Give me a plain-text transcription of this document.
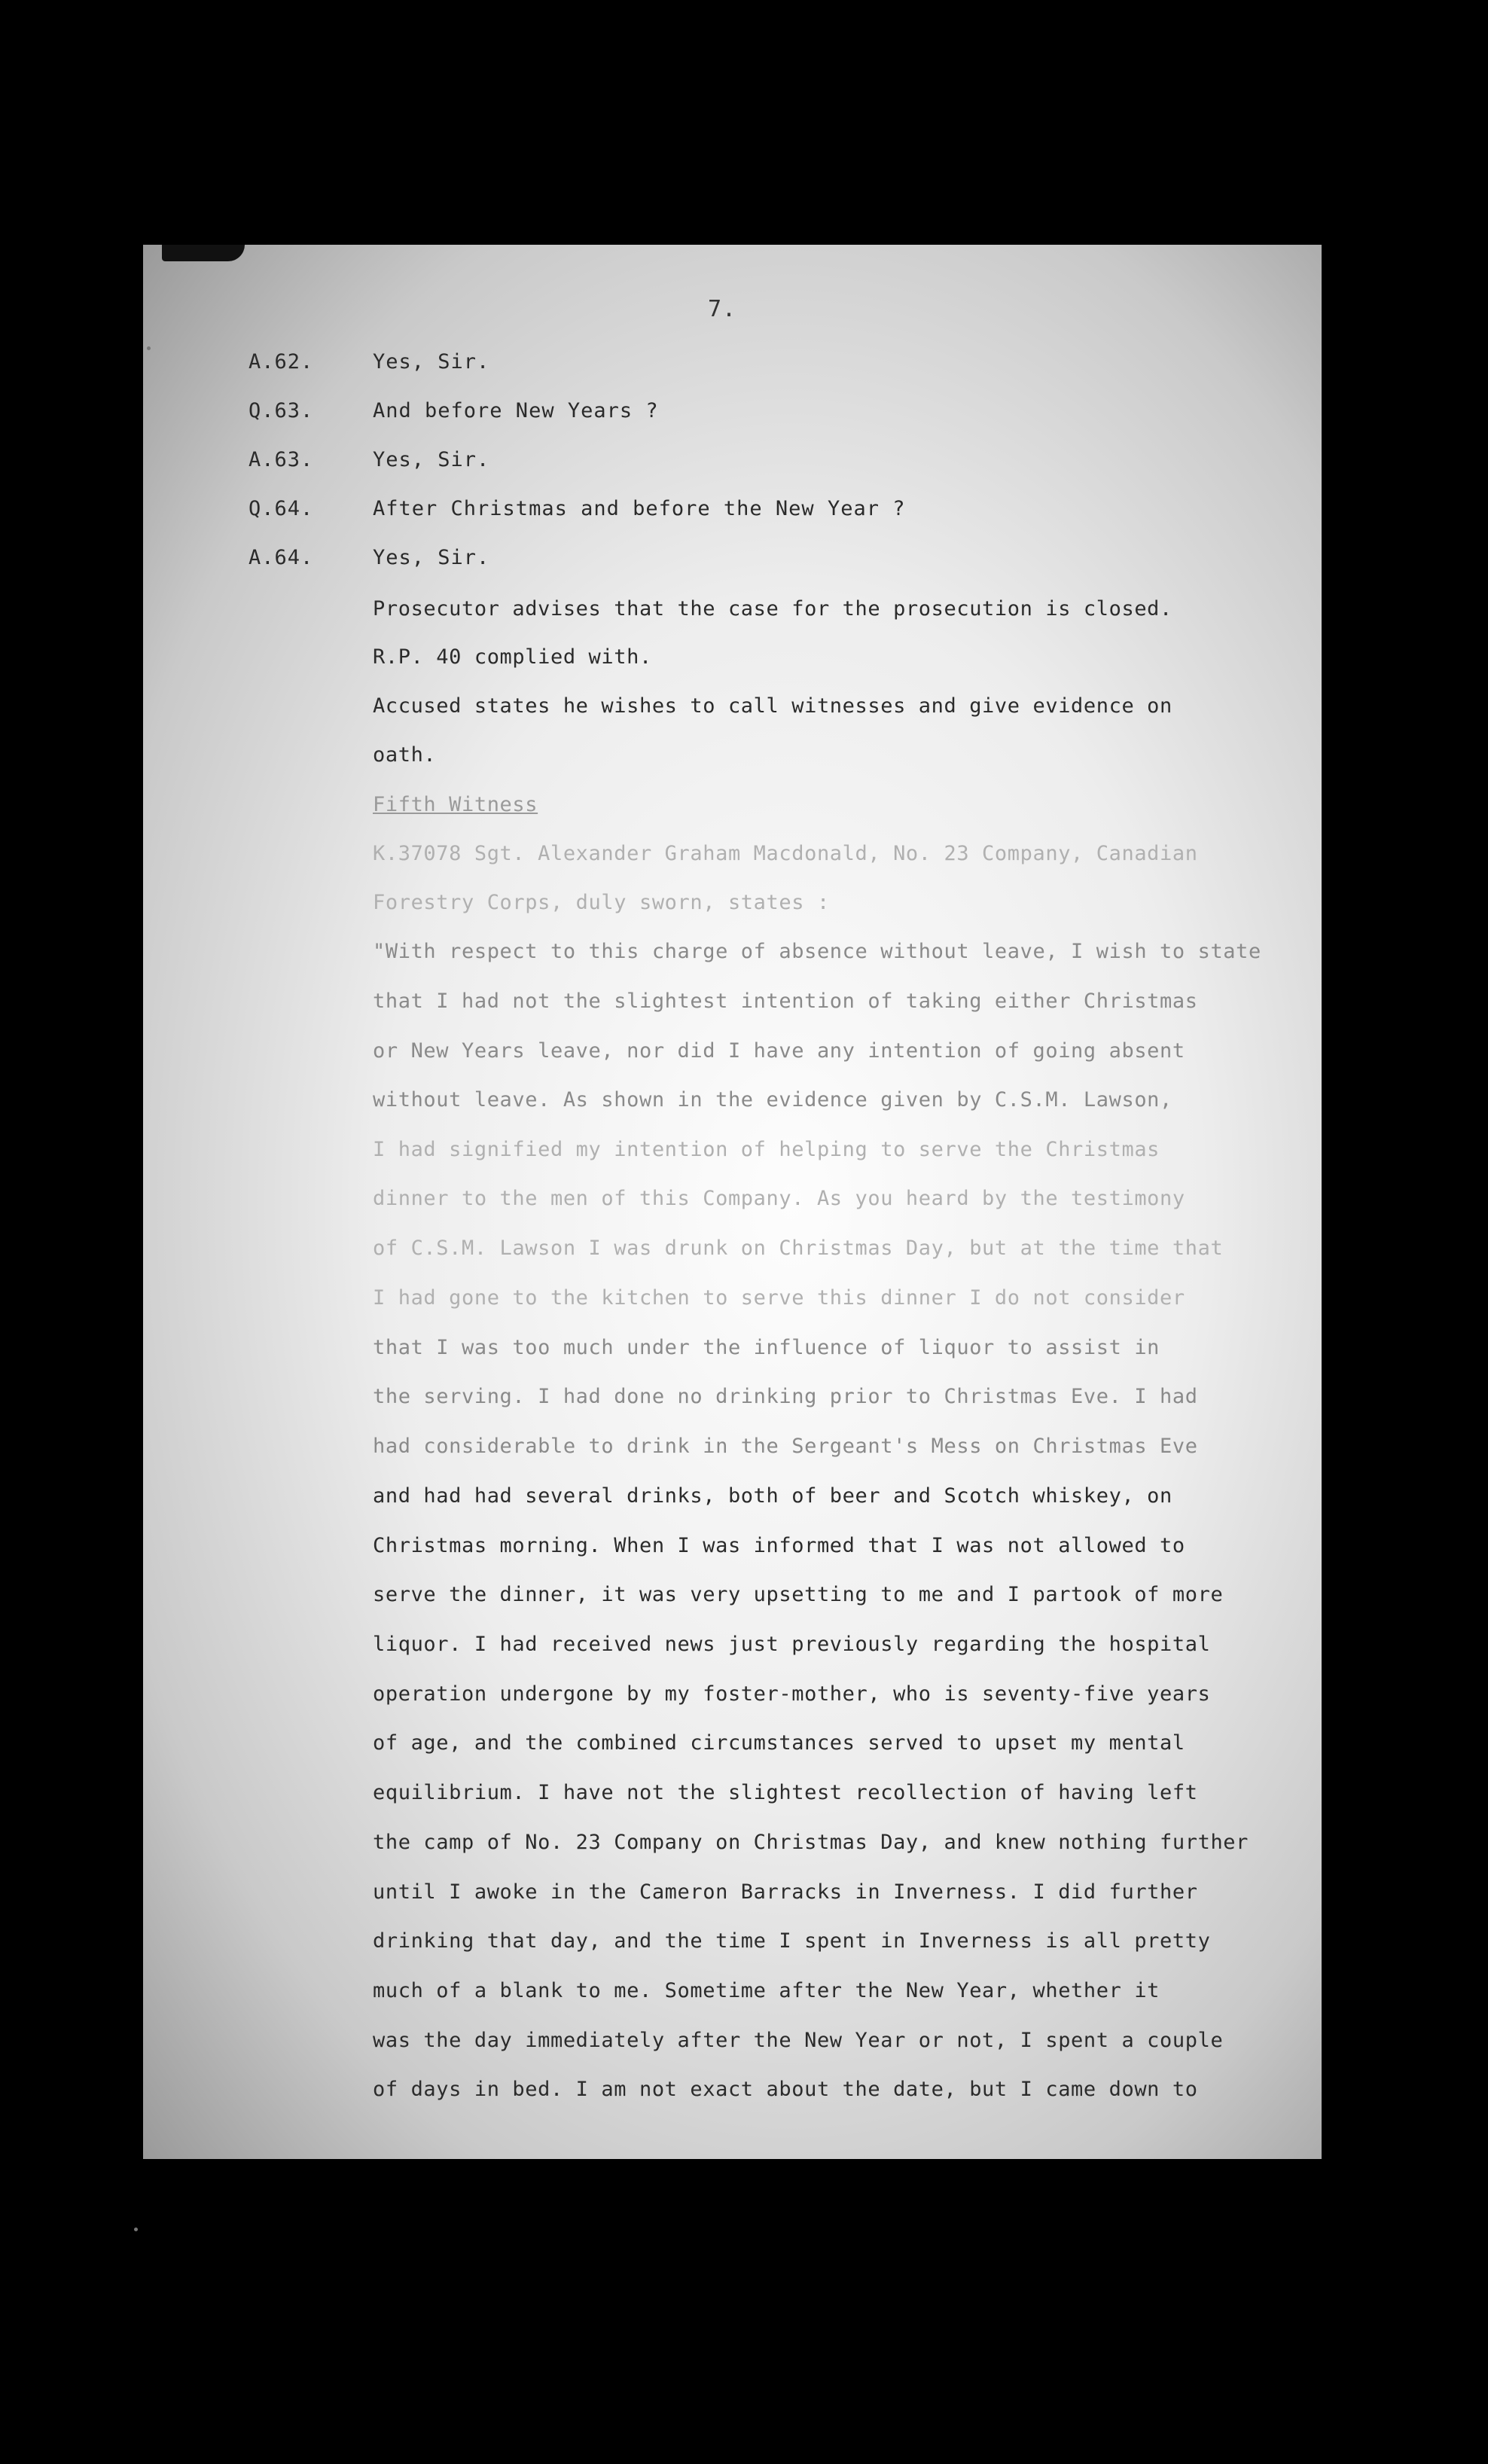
7.
A.62.	Yes, Sir.
Q.63.	And before New Years ?
A.63.	Yes, Sir.
Q.64.	After Christmas and before the New Year ?
A.64.	Yes, Sir.
Prosecutor advises that the case for the prosecution is closed.
R.P. 40 complied with.
Accused states he wishes to call witnesses and give evidence on
oath.
Fifth Witness
K.37078 Sgt. Alexander Graham Macdonald, No. 23 Company, Canadian
Forestry Corps, duly sworn, states :
"With respect to this charge of absence without leave, I wish to state
that I had not the slightest intention of taking either Christmas
or New Years leave, nor did I have any intention of going absent
without leave. As shown in the evidence given by C.S.M. Lawson,
I had signified my intention of helping to serve the Christmas
dinner to the men of this Company. As you heard by the testimony
of C.S.M. Lawson I was drunk on Christmas Day, but at the time that
I had gone to the kitchen to serve this dinner I do not consider
that I was too much under the influence of liquor to assist in
the serving. I had done no drinking prior to Christmas Eve. I had
had considerable to drink in the Sergeant's Mess on Christmas Eve
and had had several drinks, both of beer and Scotch whiskey, on
Christmas morning. When I was informed that I was not allowed to
serve the dinner, it was very upsetting to me and I partook of more
liquor. I had received news just previously regarding the hospital
operation undergone by my foster-mother, who is seventy-five years
of age, and the combined circumstances served to upset my mental
equilibrium. I have not the slightest recollection of having left
the camp of No. 23 Company on Christmas Day, and knew nothing further
until I awoke in the Cameron Barracks in Inverness. I did further
drinking that day, and the time I spent in Inverness is all pretty
much of a blank to me. Sometime after the New Year, whether it
was the day immediately after the New Year or not, I spent a couple
of days in bed. I am not exact about the date, but I came down to
